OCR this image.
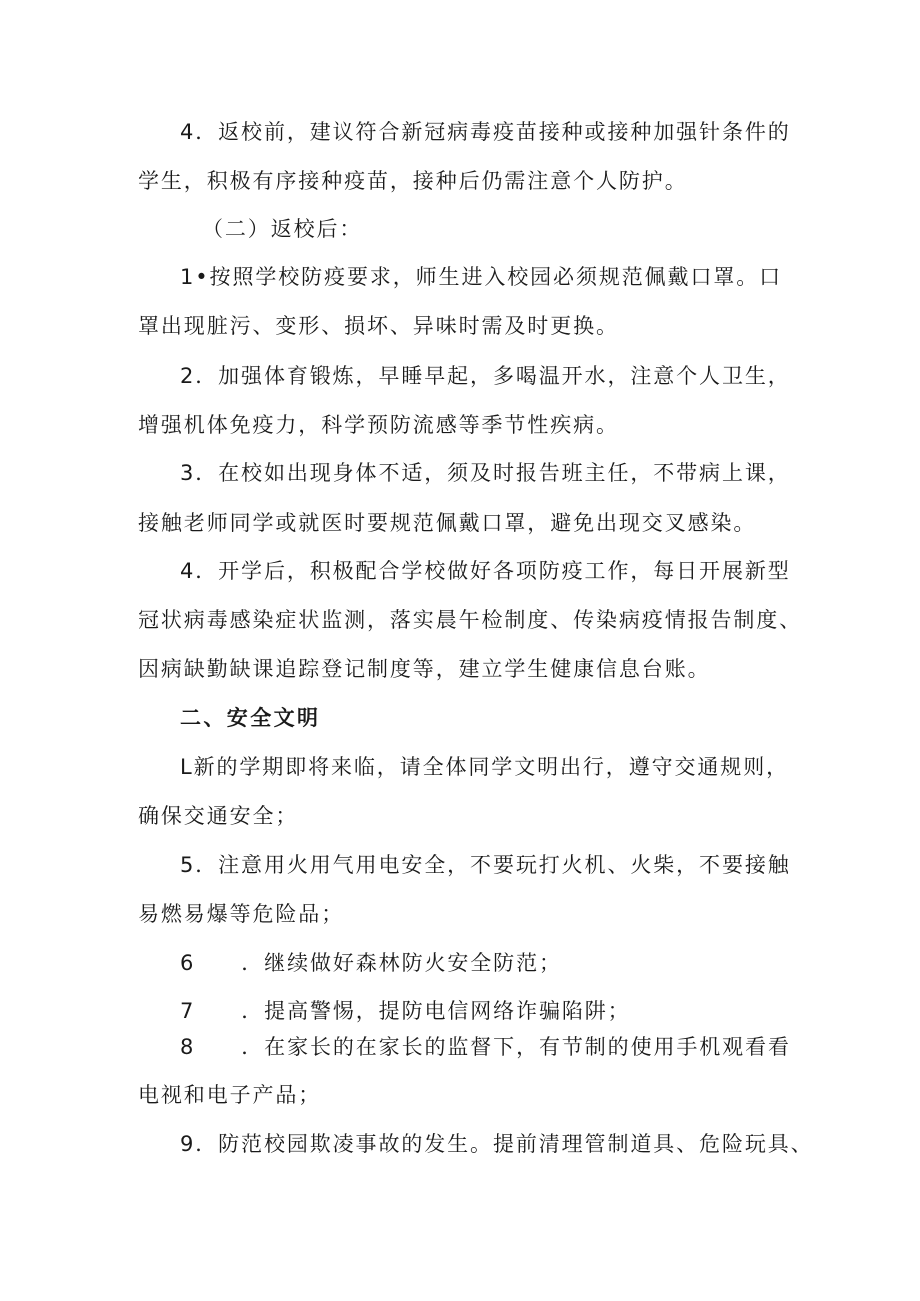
4．返校前，建议符合新冠病毒疫苗接种或接种加强针条件的
学生，积极有序接种疫苗，接种后仍需注意个人防护。
（二）返校后：
1•按照学校防疫要求，师生进入校园必须规范佩戴口罩。口
罩出现脏污、变形、损坏、异味时需及时更换。
2．加强体育锻炼，早睡早起，多喝温开水，注意个人卫生，
增强机体免疫力，科学预防流感等季节性疾病。
3．在校如出现身体不适，须及时报告班主任，不带病上课，
接触老师同学或就医时要规范佩戴口罩，避免出现交叉感染。
4．开学后，积极配合学校做好各项防疫工作，每日开展新型
冠状病毒感染症状监测，落实晨午检制度、传染病疫情报告制度、
因病缺勤缺课追踪登记制度等，建立学生健康信息台账。
二、安全文明
L新的学期即将来临，请全体同学文明出行，遵守交通规则，
确保交通安全；
5．注意用火用气用电安全，不要玩打火机、火柴，不要接触
易燃易爆等危险品；
6 ．继续做好森林防火安全防范；
7 ．提高警惕，提防电信网络诈骗陷阱；
8 ．在家长的在家长的监督下，有节制的使用手机观看看
电视和电子产品；
9．防范校园欺凌事故的发生。提前清理管制道具、危险玩具、
